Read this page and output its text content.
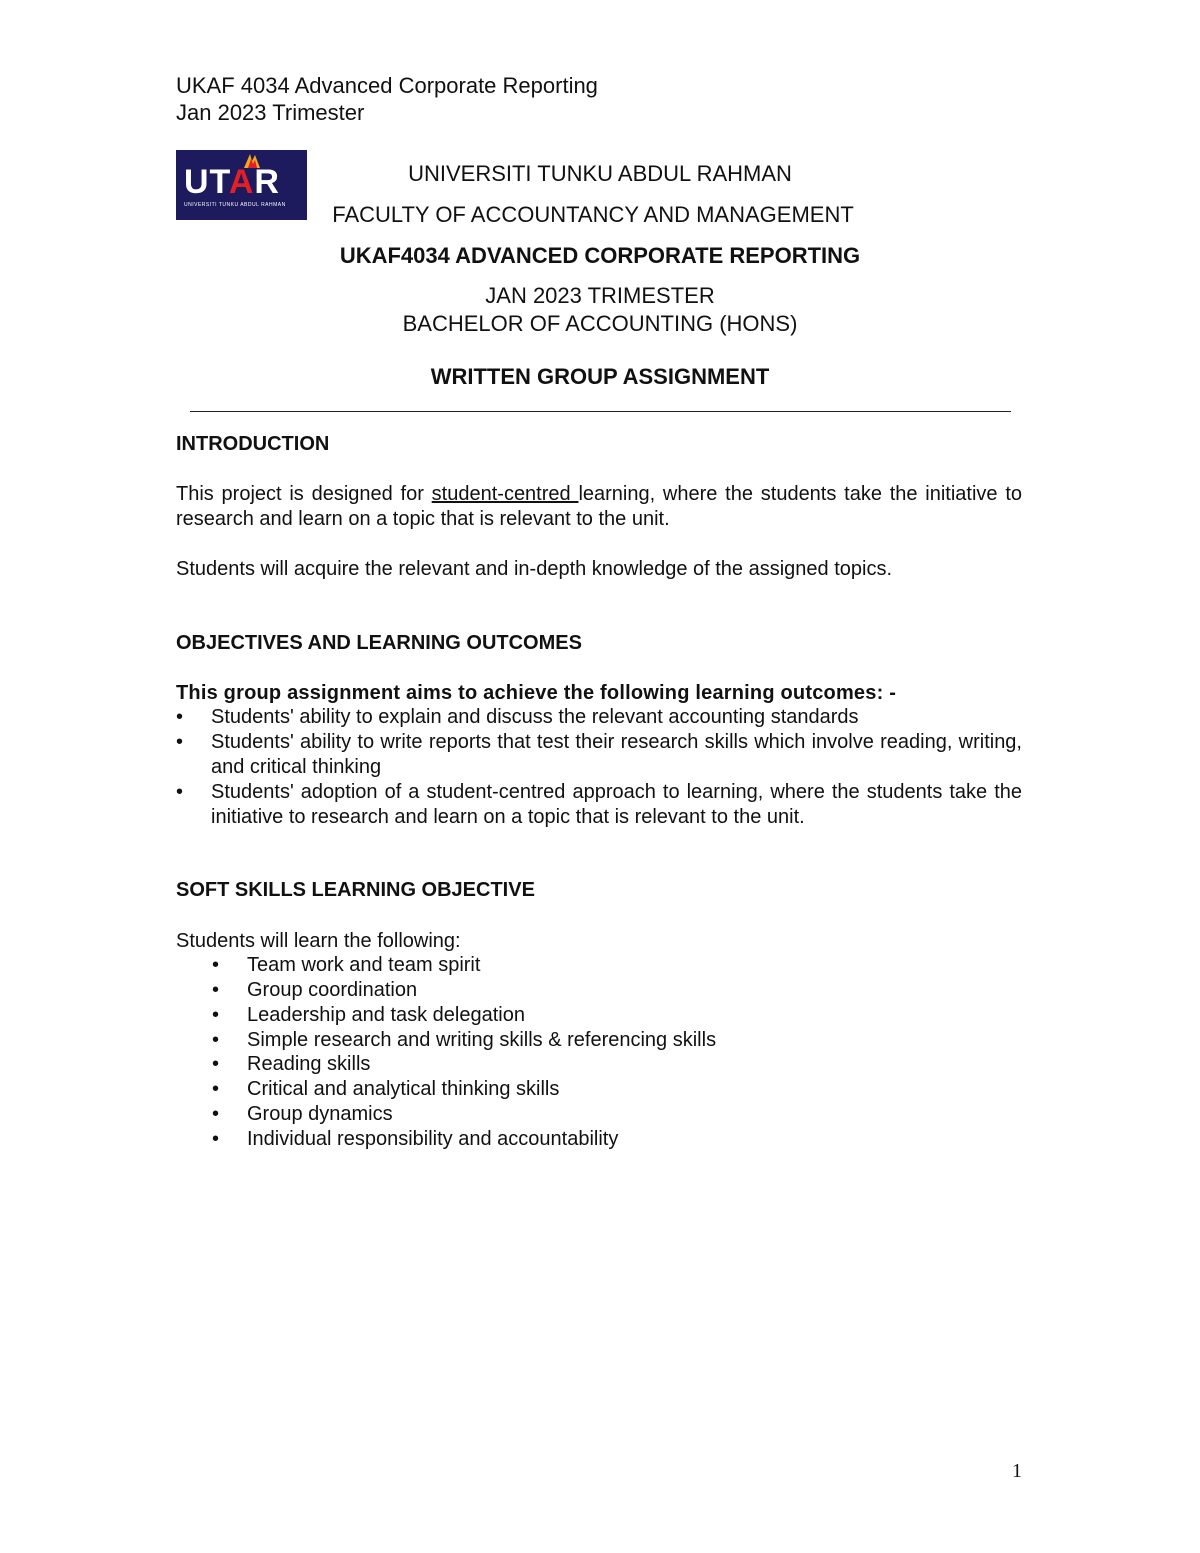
UKAF 4034 Advanced Corporate Reporting
Jan 2023 Trimester
UTAR
UNIVERSITI TUNKU ABDUL RAHMAN
UNIVERSITI TUNKU ABDUL RAHMAN
FACULTY OF ACCOUNTANCY AND MANAGEMENT
UKAF4034 ADVANCED CORPORATE REPORTING
JAN 2023 TRIMESTER
BACHELOR OF ACCOUNTING (HONS)
WRITTEN GROUP ASSIGNMENT
INTRODUCTION
This project is designed for student-centred learning, where the students take the initiative to research and learn on a topic that is relevant to the unit.
Students will acquire the relevant and in-depth knowledge of the assigned topics.
OBJECTIVES AND LEARNING OUTCOMES
This group assignment aims to achieve the following learning outcomes: -
•	Students' ability to explain and discuss the relevant accounting standards
•	Students' ability to write reports that test their research skills which involve reading, writing, and critical thinking
•	Students' adoption of a student-centred approach to learning, where the students take the initiative to research and learn on a topic that is relevant to the unit.
SOFT SKILLS LEARNING OBJECTIVE
Students will learn the following:
• Team work and team spirit
• Group coordination
• Leadership and task delegation
• Simple research and writing skills & referencing skills
• Reading skills
• Critical and analytical thinking skills
• Group dynamics
• Individual responsibility and accountability
1
